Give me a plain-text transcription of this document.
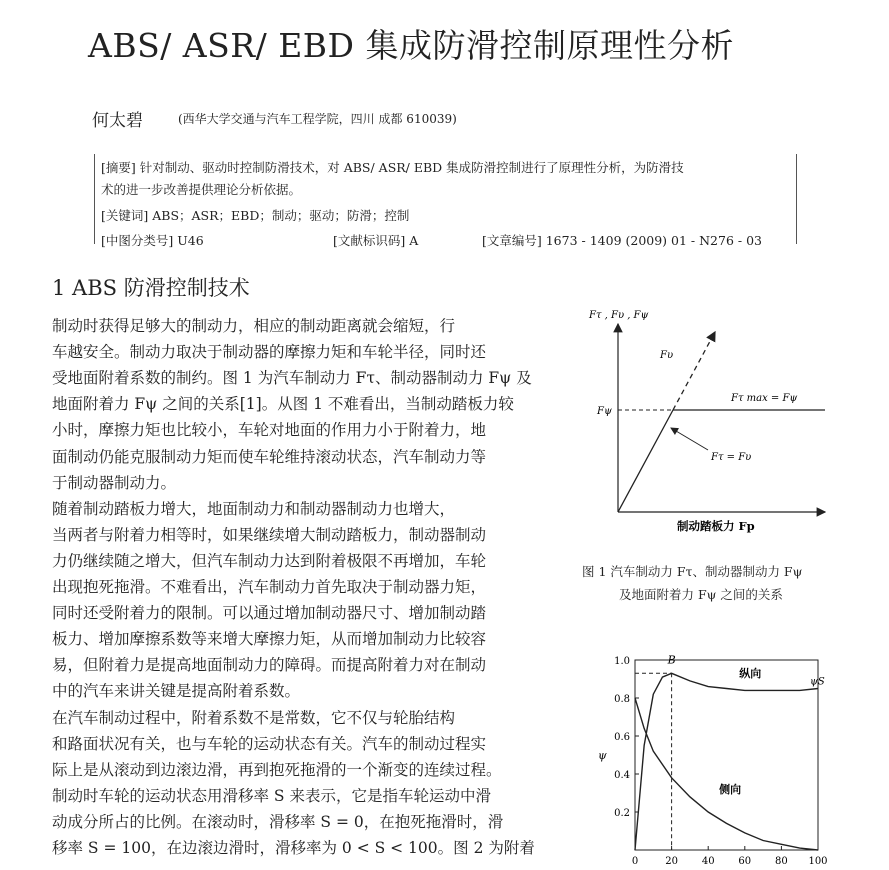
ABS/ ASR/ EBD 集成防滑控制原理性分析
何太碧	(西华大学交通与汽车工程学院，四川 成都 610039)
[摘要] 针对制动、驱动时控制防滑技术，对 ABS/ ASR/ EBD 集成防滑控制进行了原理性分析，为防滑技
术的进一步改善提供理论分析依据。
[关键词] ABS；ASR；EBD；制动；驱动；防滑；控制
[中图分类号] U46	[文献标识码] A	[文章编号] 1673 - 1409 (2009) 01 - N276 - 03
1 ABS 防滑控制技术
制动时获得足够大的制动力，相应的制动距离就会缩短，行
车越安全。制动力取决于制动器的摩擦力矩和车轮半径，同时还
受地面附着系数的制约。图 1 为汽车制动力 Fτ、制动器制动力 Fψ 及
地面附着力 Fψ 之间的关系[1]。从图 1 不难看出，当制动踏板力较
小时，摩擦力矩也比较小，车轮对地面的作用力小于附着力，地
面制动仍能克服制动力矩而使车轮维持滚动状态，汽车制动力等
于制动器制动力。
随着制动踏板力增大，地面制动力和制动器制动力也增大，
当两者与附着力相等时，如果继续增大制动踏板力，制动器制动
力仍继续随之增大，但汽车制动力达到附着极限不再增加，车轮
出现抱死拖滑。不难看出，汽车制动力首先取决于制动器力矩，
同时还受附着力的限制。可以通过增加制动器尺寸、增加制动踏
板力、增加摩擦系数等来增大摩擦力矩，从而增加制动力比较容
易，但附着力是提高地面制动力的障碍。而提高附着力对在制动
中的汽车来讲关键是提高附着系数。
在汽车制动过程中，附着系数不是常数，它不仅与轮胎结构
和路面状况有关，也与车轮的运动状态有关。汽车的制动过程实
际上是从滚动到边滚边滑，再到抱死拖滑的一个渐变的连续过程。
制动时车轮的运动状态用滑移率 S 来表示，它是指车轮运动中滑
动成分所占的比例。在滚动时，滑移率 S = 0，在抱死拖滑时，滑
移率 S = 100，在边滚边滑时，滑移率为 0 < S < 100。图 2 为附着
Fτ , Fυ , Fψ
Fυ
Fτ max = Fψ
Fψ
Fτ = Fυ
制动踏板力 Fp
图 1 汽车制动力 Fτ、制动器制动力 Fψ
及地面附着力 Fψ 之间的关系
0	20 40 60 80 100
0.2
0.4
0.6
0.8
1.0
ψ
纵向
侧向
B
ψS
